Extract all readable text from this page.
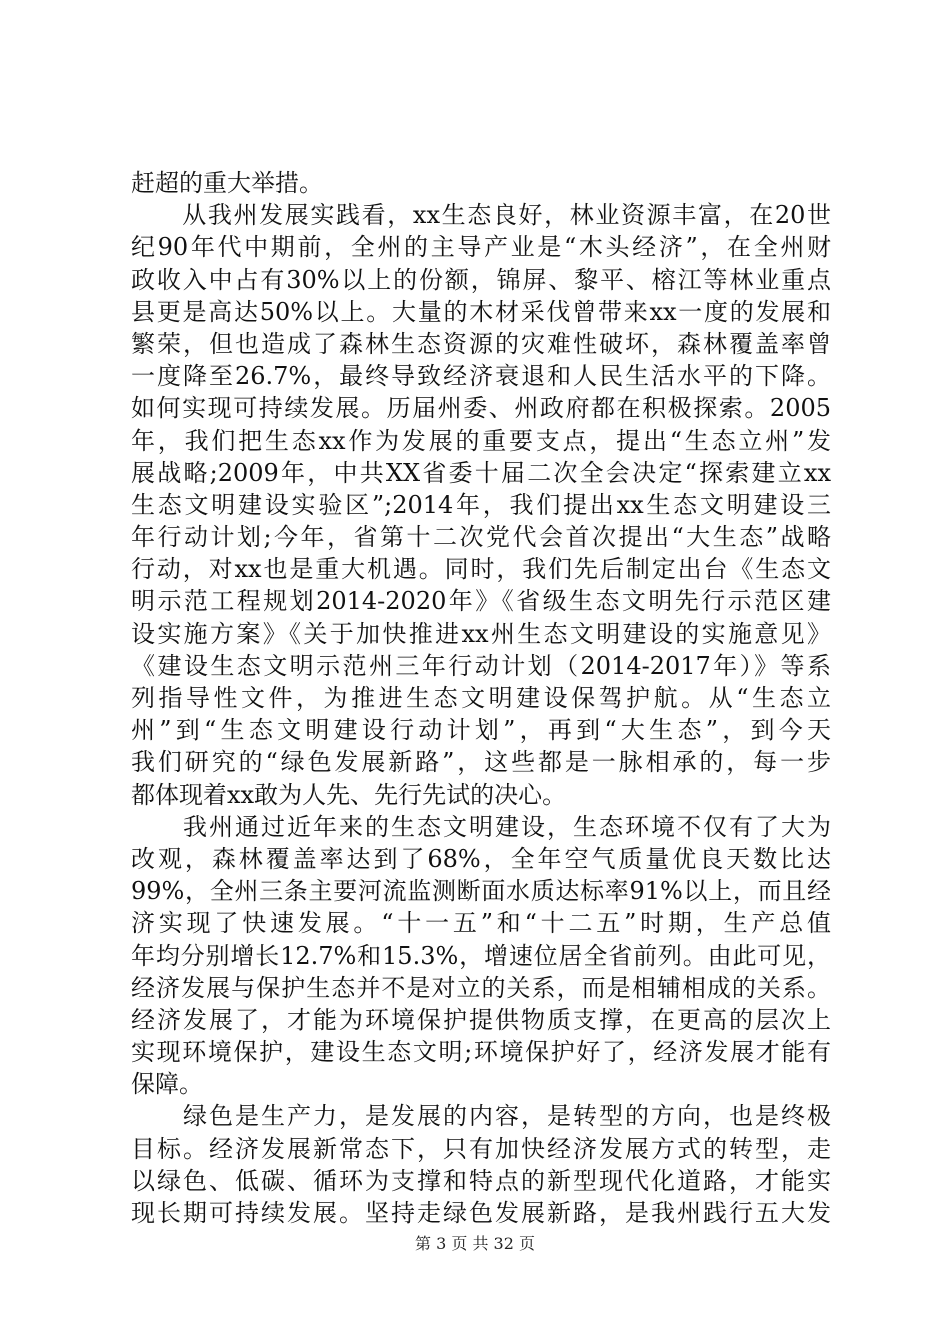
赶超的重大举措。
　　从我州发展实践看，xx生态良好，林业资源丰富，在20世
纪90年代中期前，全州的主导产业是“木头经济”，在全州财
政收入中占有30%以上的份额，锦屏、黎平、榕江等林业重点
县更是高达50%以上。大量的木材采伐曾带来xx一度的发展和
繁荣，但也造成了森林生态资源的灾难性破坏，森林覆盖率曾
一度降至26.7%，最终导致经济衰退和人民生活水平的下降。
如何实现可持续发展。历届州委、州政府都在积极探索。2005
年，我们把生态xx作为发展的重要支点，提出“生态立州”发
展战略;2009年，中共XX省委十届二次全会决定“探索建立xx
生态文明建设实验区”;2014年，我们提出xx生态文明建设三
年行动计划;今年，省第十二次党代会首次提出“大生态”战略
行动，对xx也是重大机遇。同时，我们先后制定出台《生态文
明示范工程规划2014-2020年》《省级生态文明先行示范区建
设实施方案》《关于加快推进xx州生态文明建设的实施意见》
《建设生态文明示范州三年行动计划（2014-2017年）》等系
列指导性文件，为推进生态文明建设保驾护航。从“生态立
州”到“生态文明建设行动计划”，再到“大生态”，到今天
我们研究的“绿色发展新路”，这些都是一脉相承的，每一步
都体现着xx敢为人先、先行先试的决心。
　　我州通过近年来的生态文明建设，生态环境不仅有了大为
改观，森林覆盖率达到了68%，全年空气质量优良天数比达
99%，全州三条主要河流监测断面水质达标率91%以上，而且经
济实现了快速发展。“十一五”和“十二五”时期，生产总值
年均分别增长12.7%和15.3%，增速位居全省前列。由此可见，
经济发展与保护生态并不是对立的关系，而是相辅相成的关系。
经济发展了，才能为环境保护提供物质支撑，在更高的层次上
实现环境保护，建设生态文明;环境保护好了，经济发展才能有
保障。
　　绿色是生产力，是发展的内容，是转型的方向，也是终极
目标。经济发展新常态下，只有加快经济发展方式的转型，走
以绿色、低碳、循环为支撑和特点的新型现代化道路，才能实
现长期可持续发展。坚持走绿色发展新路，是我州践行五大发
第 3 页 共 32 页
